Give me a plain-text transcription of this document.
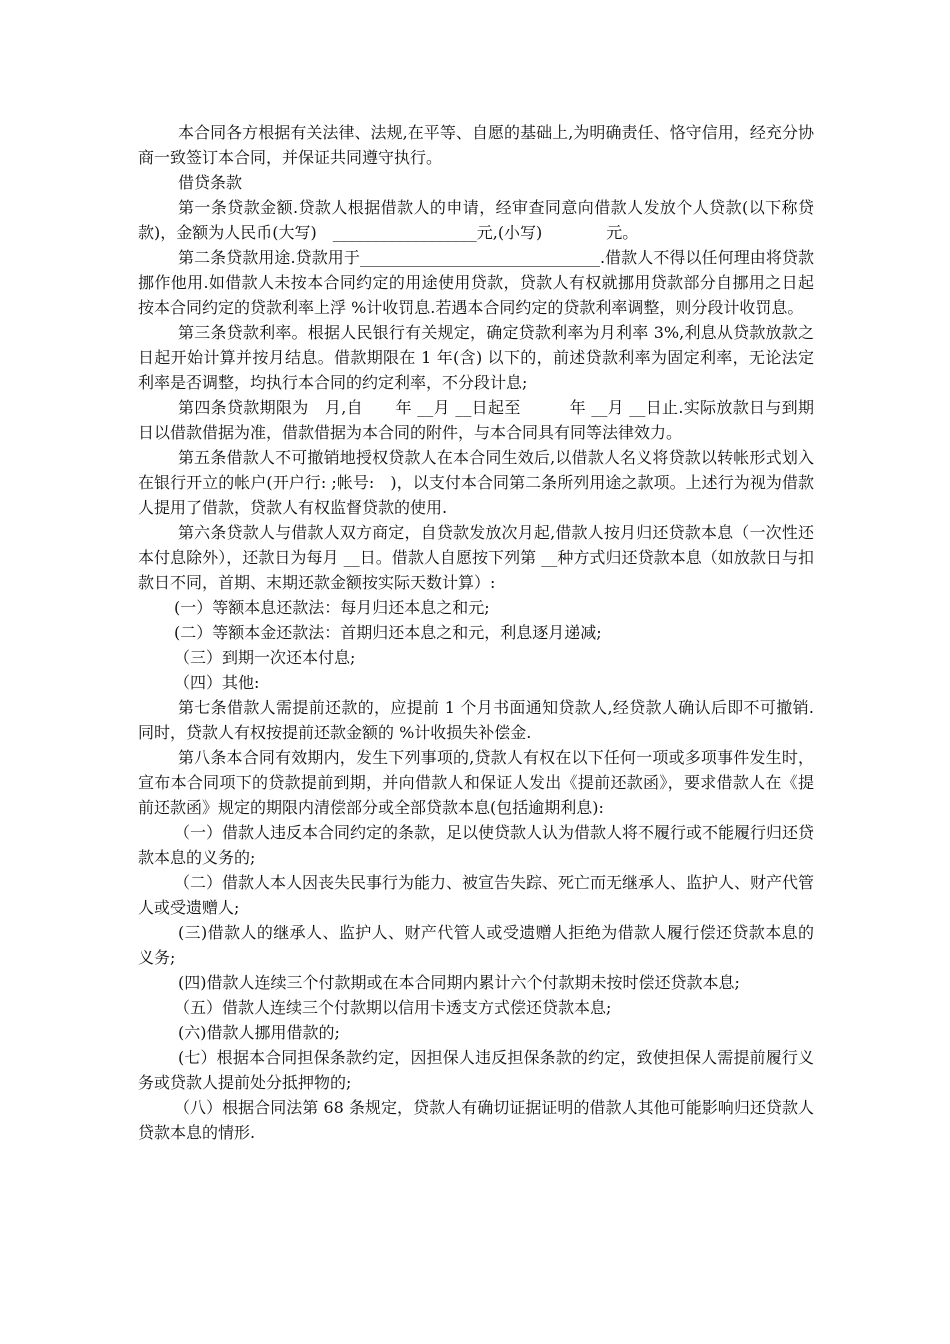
本合同各方根据有关法律、法规,在平等、自愿的基础上,为明确责任、恪守信用，经充分协商一致签订本合同，并保证共同遵守执行。

借贷条款

第一条贷款金额.贷款人根据借款人的申请，经审查同意向借款人发放个人贷款(以下称贷款)，金额为人民币(大写)　__________________元,(小写)　　　　元。

第二条贷款用途.贷款用于______________________________.借款人不得以任何理由将贷款挪作他用.如借款人未按本合同约定的用途使用贷款，贷款人有权就挪用贷款部分自挪用之日起按本合同约定的贷款利率上浮 %计收罚息.若遇本合同约定的贷款利率调整，则分段计收罚息。

第三条贷款利率。根据人民银行有关规定，确定贷款利率为月利率 3%,利息从贷款放款之日起开始计算并按月结息。借款期限在 1 年(含) 以下的，前述贷款利率为固定利率，无论法定利率是否调整，均执行本合同的约定利率，不分段计息;

第四条贷款期限为　月,自　　年 __月 __日起至　　　年 __月 __日止.实际放款日与到期日以借款借据为准，借款借据为本合同的附件，与本合同具有同等法律效力。

第五条借款人不可撤销地授权贷款人在本合同生效后,以借款人名义将贷款以转帐形式划入 在银行开立的帐户(开户行: ;帐号:　)，以支付本合同第二条所列用途之款项。上述行为视为借款人提用了借款，贷款人有权监督贷款的使用.

第六条贷款人与借款人双方商定，自贷款发放次月起,借款人按月归还贷款本息（一次性还本付息除外），还款日为每月 __日。借款人自愿按下列第 __种方式归还贷款本息（如放款日与扣款日不同，首期、末期还款金额按实际天数计算）:

(一）等额本息还款法：每月归还本息之和元;

(二）等额本金还款法：首期归还本息之和元，利息逐月递减;

（三）到期一次还本付息;

（四）其他:

第七条借款人需提前还款的，应提前 1 个月书面通知贷款人,经贷款人确认后即不可撤销.同时，贷款人有权按提前还款金额的 %计收损失补偿金.

第八条本合同有效期内，发生下列事项的,贷款人有权在以下任何一项或多项事件发生时，宣布本合同项下的贷款提前到期，并向借款人和保证人发出《提前还款函》，要求借款人在《提前还款函》规定的期限内清偿部分或全部贷款本息(包括逾期利息):

（一）借款人违反本合同约定的条款，足以使贷款人认为借款人将不履行或不能履行归还贷款本息的义务的;

（二）借款人本人因丧失民事行为能力、被宣告失踪、死亡而无继承人、监护人、财产代管人或受遗赠人;

(三)借款人的继承人、监护人、财产代管人或受遗赠人拒绝为借款人履行偿还贷款本息的义务;

(四)借款人连续三个付款期或在本合同期内累计六个付款期未按时偿还贷款本息;

（五）借款人连续三个付款期以信用卡透支方式偿还贷款本息;

(六)借款人挪用借款的;

(七）根据本合同担保条款约定，因担保人违反担保条款的约定，致使担保人需提前履行义务或贷款人提前处分抵押物的;

（八）根据合同法第 68 条规定，贷款人有确切证据证明的借款人其他可能影响归还贷款人贷款本息的情形.
